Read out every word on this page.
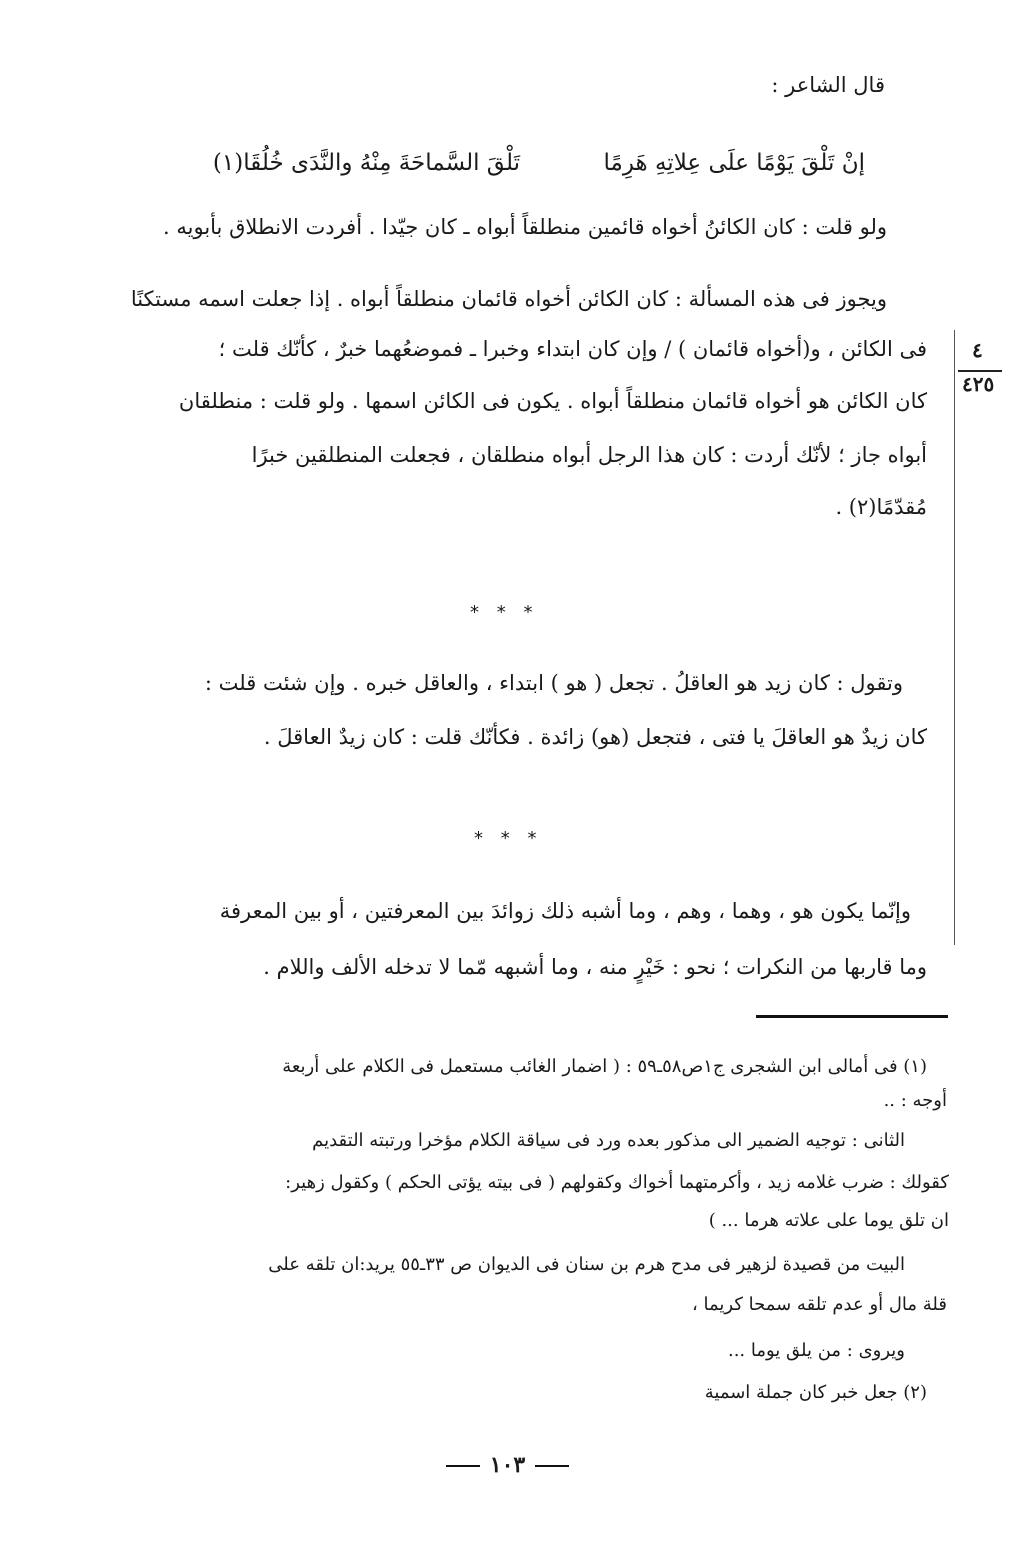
قال الشاعر :
إنْ تَلْقَ يَوْمًا علَى عِلاتِهِ هَرِمًا
تَلْقَ السَّماحَةَ مِنْهُ والنَّدَى خُلُقَا(١)
ولو قلت : كان الكائنُ أخواه قائمين منطلقاً أبواه ـ كان جيّدا . أفردت الانطلاق بأبويه .
ويجوز فى هذه المسألة : كان الكائن أخواه قائمان منطلقاً أبواه . إذا جعلت اسمه مستكنًا
فى الكائن ، و(أخواه قائمان ) / وإن كان ابتداء وخبرا ـ فموضعُهما خبرٌ ، كأنّك قلت ؛
كان الكائن هو أخواه قائمان منطلقاً أبواه . يكون فى الكائن اسمها . ولو قلت : منطلقان
أبواه جاز ؛ لأنّك أردت : كان هذا الرجل أبواه منطلقان ، فجعلت المنطلقين خبرًا
مُقدّمًا(٢) .
* * *
وتقول : كان زيد هو العاقلُ . تجعل ( هو ) ابتداء ، والعاقل خبره . وإن شئت قلت :
كان زيدٌ هو العاقلَ يا فتى ، فتجعل (هو) زائدة . فكأنّك قلت : كان زيدٌ العاقلَ .
* * *
وإنّما يكون هو ، وهما ، وهم ، وما أشبه ذلك زوائدَ بين المعرفتين ، أو بين المعرفة
وما قاربها من النكرات ؛ نحو : خَيْرٍ منه ، وما أشبهه مّما لا تدخله الألف واللام .
٤
٤٢٥
(١) فى أمالى ابن الشجرى ج١ص٥٨ـ٥٩ : ( اضمار الغائب مستعمل فى الكلام على أربعة
أوجه : ..
الثانى : توجيه الضمير الى مذكور بعده ورد فى سياقة الكلام مؤخرا ورتبته التقديم
كقولك : ضرب غلامه زيد ، وأكرمتهما أخواك وكقولهم ( فى بيته يؤتى الحكم ) وكقول زهير:
ان تلق يوما على علاته هرما ... )
البيت من قصيدة لزهير فى مدح هرم بن سنان فى الديوان ص ٣٣ـ٥٥ يريد:ان تلقه على
قلة مال أو عدم تلقه سمحا كريما ،
ويروى : من يلق يوما ...
(٢) جعل خبر كان جملة اسمية
١٠٣
